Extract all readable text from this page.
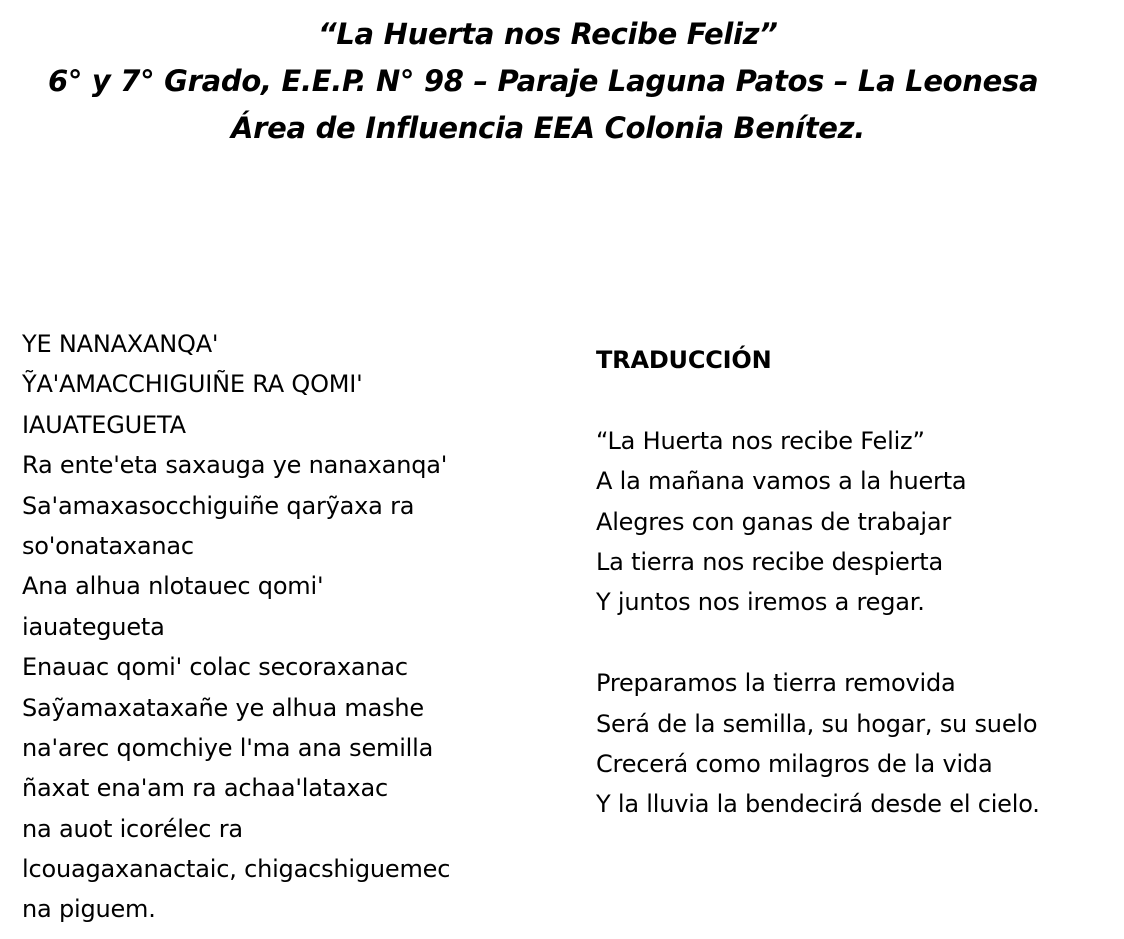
“La Huerta nos Recibe Feliz”
6° y 7° Grado, E.E.P. N° 98 – Paraje Laguna Patos – La Leonesa
Área de Influencia EEA Colonia Benítez.
YE NANAXANQA'
ỸA'AMACCHIGUIÑE RA QOMI'
IAUATEGUETA
Ra ente'eta saxauga ye nanaxanqa'
Sa'amaxasocchiguiñe qarỹaxa ra
so'onataxanac
Ana alhua nlotauec qomi'
iauategueta
Enauac qomi' colac secoraxanac
Saỹamaxataxañe ye alhua mashe
na'arec qomchiye l'ma ana semilla
ñaxat ena'am ra achaa'lataxac
na auot icorélec ra
lcouagaxanactaic, chigacshiguemec
na piguem.
TRADUCCIÓN
“La Huerta nos recibe Feliz”
A la mañana vamos a la huerta
Alegres con ganas de trabajar
La tierra nos recibe despierta
Y juntos nos iremos a regar.
Preparamos la tierra removida
Será de la semilla, su hogar, su suelo
Crecerá como milagros de la vida
Y la lluvia la bendecirá desde el cielo.
